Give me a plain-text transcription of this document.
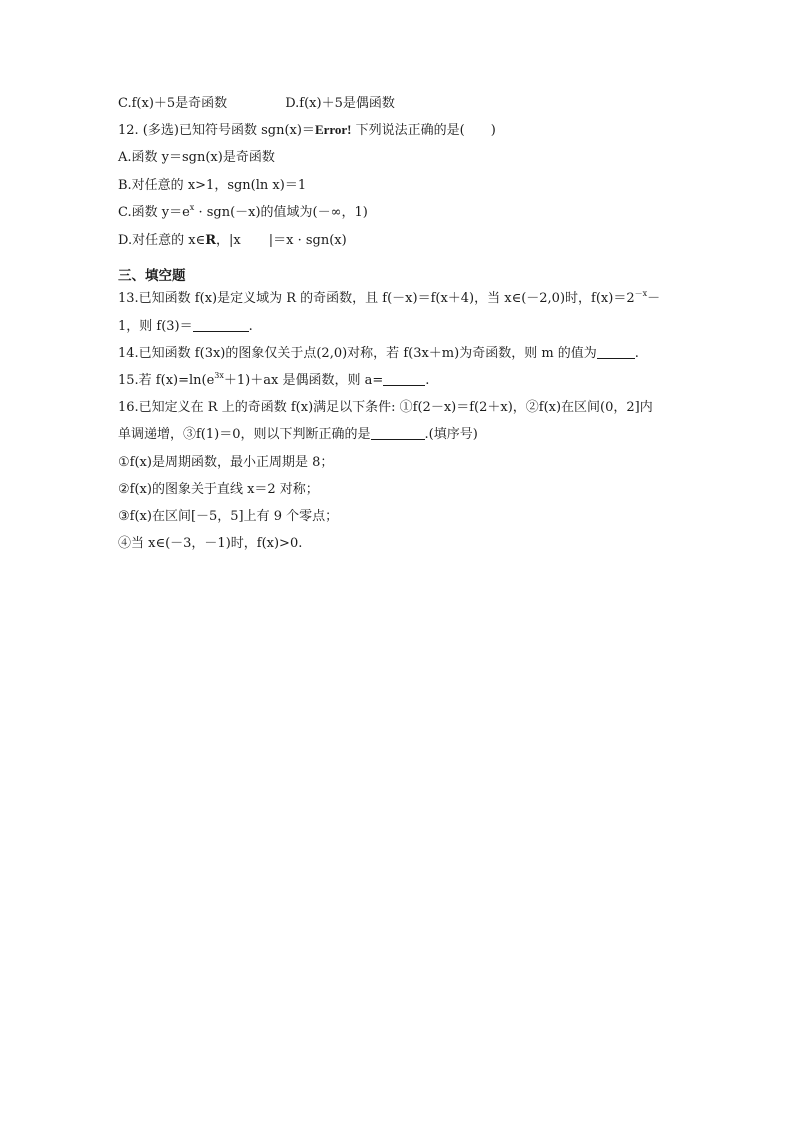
C.f(x)＋5是奇函数	D.f(x)＋5是偶函数
12. (多选)已知符号函数 sgn(x)＝Error! 下列说法正确的是(　　)
A.函数 y＝sgn(x)是奇函数
B.对任意的 x>1，sgn(ln x)＝1
C.函数 $y=e^x \cdot sgn(-x)$的值域为(－∞，1)
D.对任意的 x∈R，|x |＝x · sgn(x)
三、填空题
13.已知函数 f(x)是定义域为 R 的奇函数，且 f(－x)＝f(x＋4)，当 x∈(－2,0)时，$f(x)=2^{-x}-$
1，则 f(3)＝	.
14.已知函数 f(3x)的图象仅关于点(2,0)对称，若 f(3x＋m)为奇函数，则 m 的值为	.
15.若 $f(x)=\ln(e^{3x}+1)+ax$ 是偶函数，则 a=	.
16.已知定义在 R 上的奇函数 f(x)满足以下条件: ①f(2－x)＝f(2＋x)，②f(x)在区间(0，2]内
单调递增，③f(1)＝0，则以下判断正确的是	.(填序号)
①f(x)是周期函数，最小正周期是 8；
②f(x)的图象关于直线 x＝2 对称；
③f(x)在区间[－5，5]上有 9 个零点；
④当 x∈(－3，－1)时，f(x)>0.
